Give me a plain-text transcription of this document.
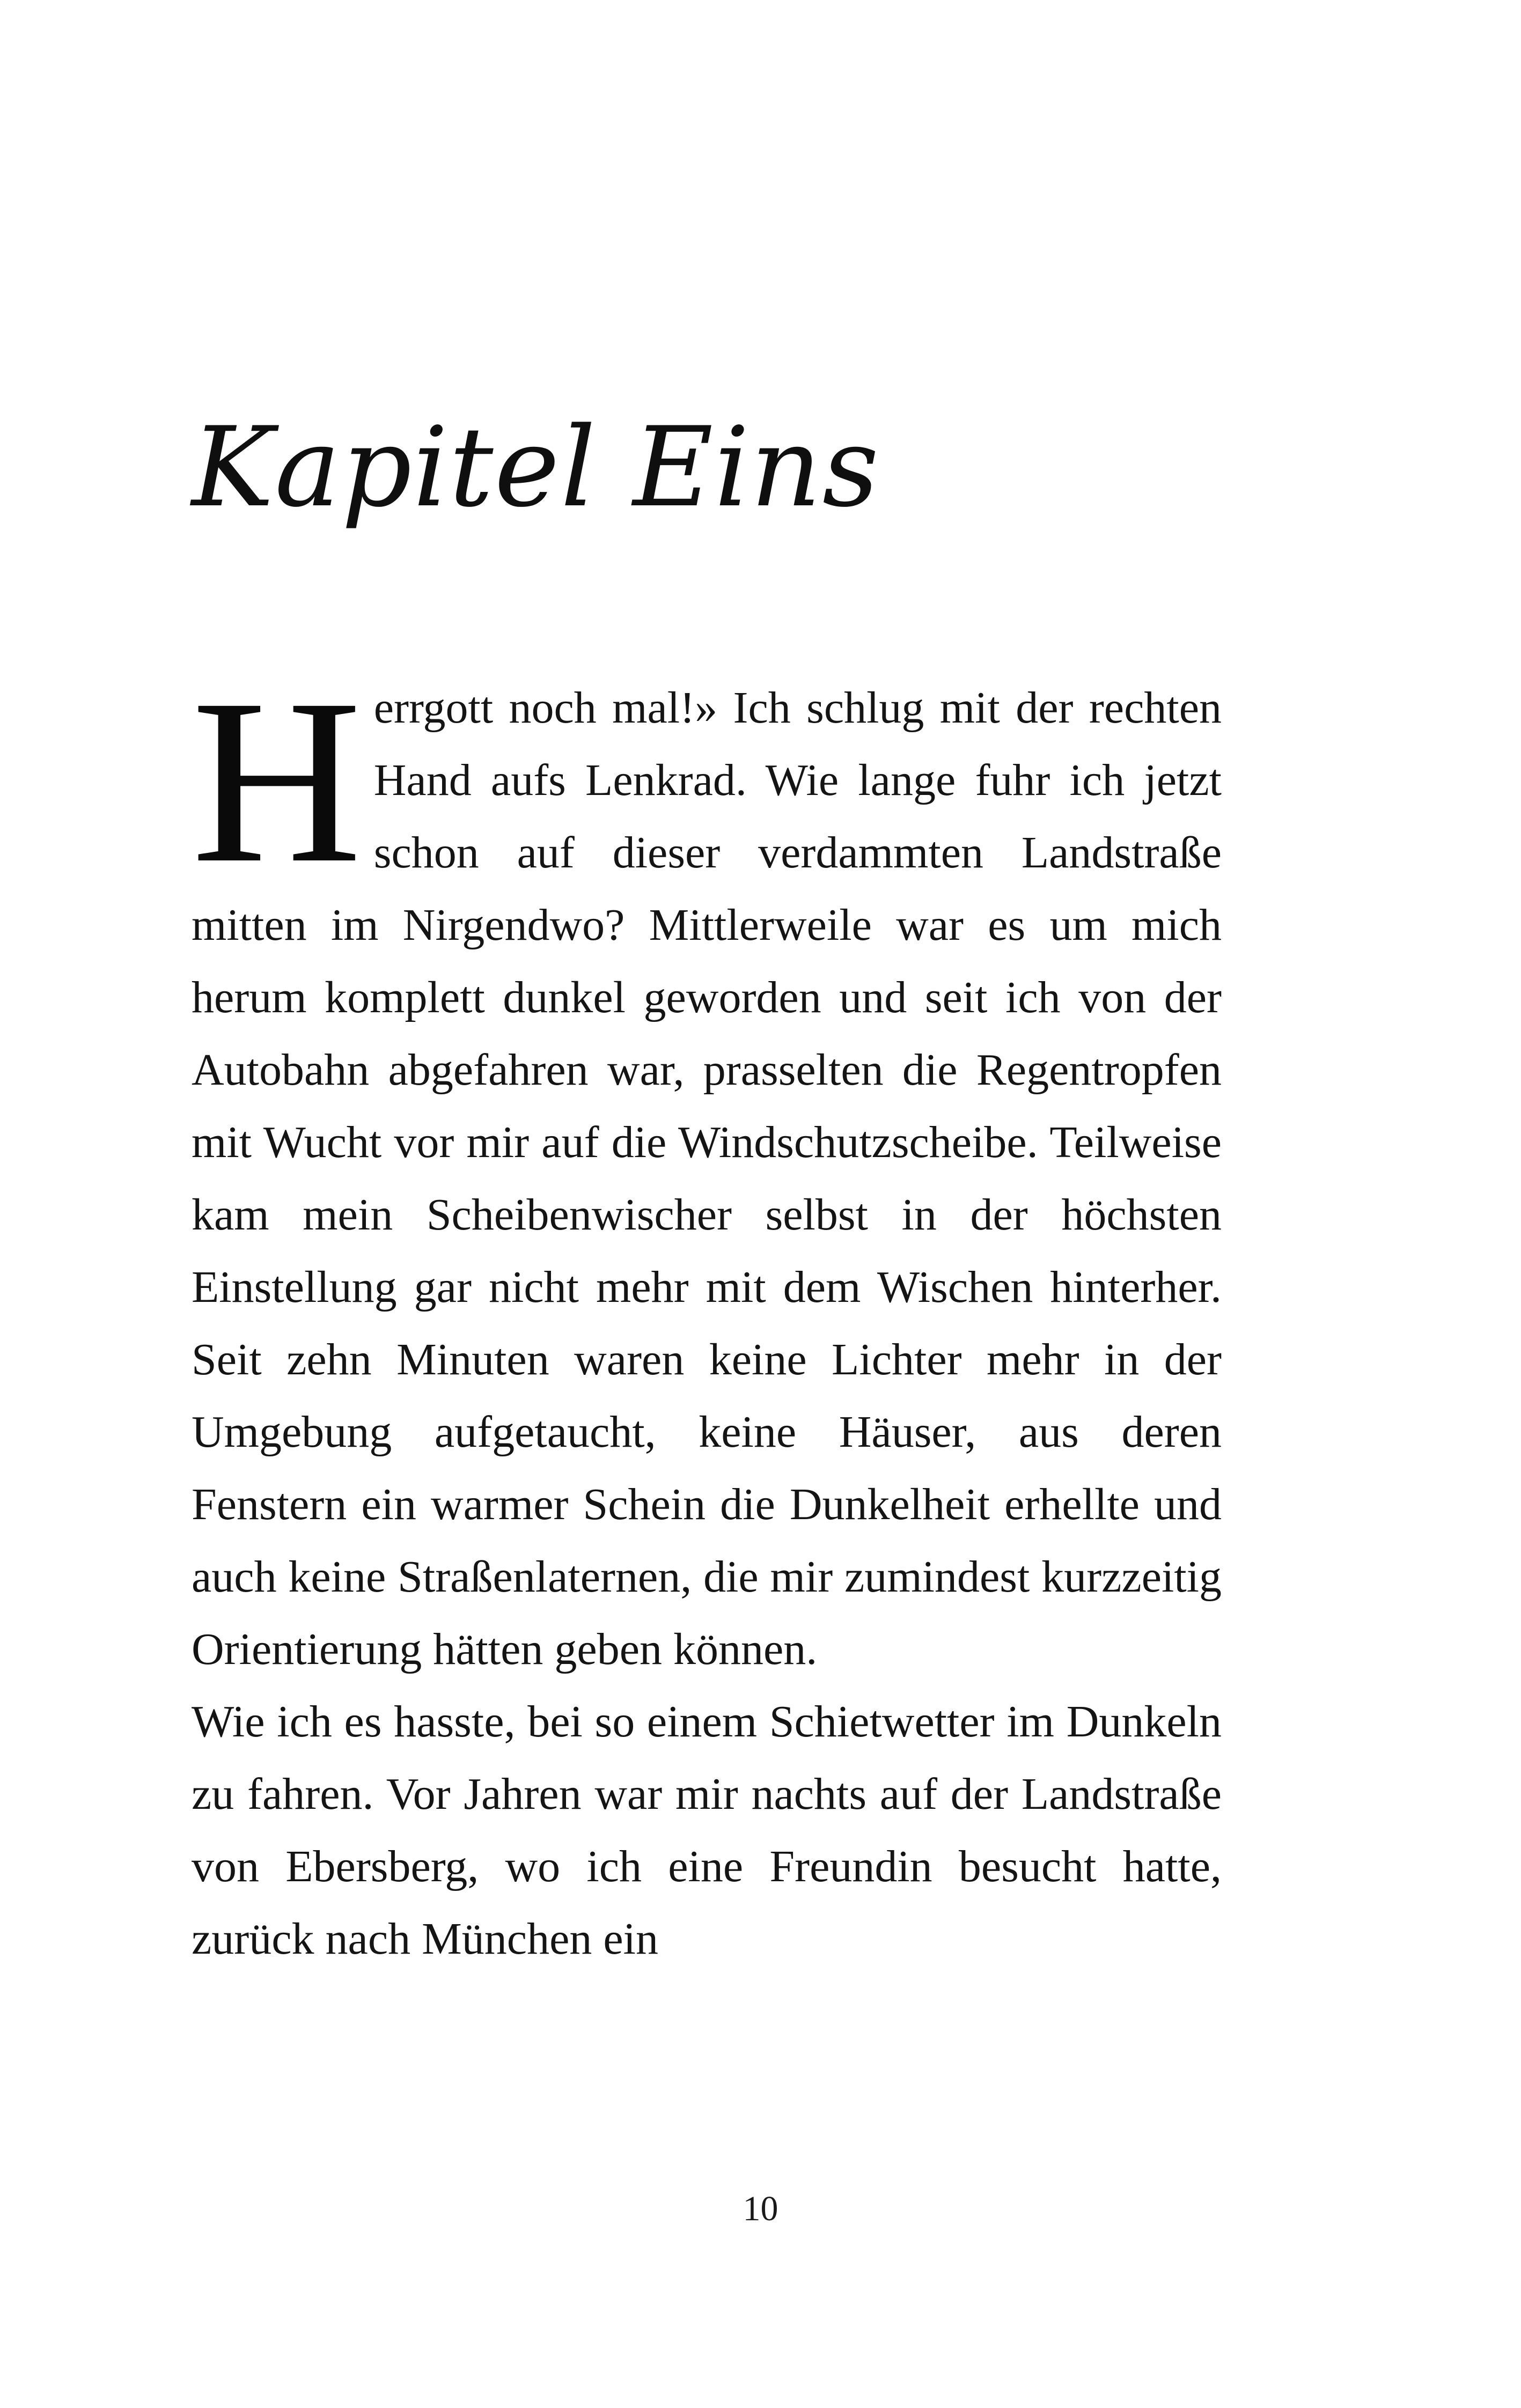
Kapitel Eins

Herrgott noch mal!» Ich schlug mit der rechten Hand aufs Lenkrad. Wie lange fuhr ich jetzt schon auf dieser verdammten Landstraße mitten im Nirgendwo? Mittlerweile war es um mich herum komplett dunkel geworden und seit ich von der Autobahn abgefahren war, prasselten die Regentropfen mit Wucht vor mir auf die Windschutzscheibe. Teilweise kam mein Scheibenwischer selbst in der höchsten Einstellung gar nicht mehr mit dem Wischen hinterher. Seit zehn Minuten waren keine Lichter mehr in der Umgebung aufgetaucht, keine Häuser, aus deren Fenstern ein warmer Schein die Dunkelheit erhellte und auch keine Straßenlaternen, die mir zumindest kurzzeitig Orientierung hätten geben können.

Wie ich es hasste, bei so einem Schietwetter im Dunkeln zu fahren. Vor Jahren war mir nachts auf der Landstraße von Ebersberg, wo ich eine Freundin besucht hatte, zurück nach München ein

10
